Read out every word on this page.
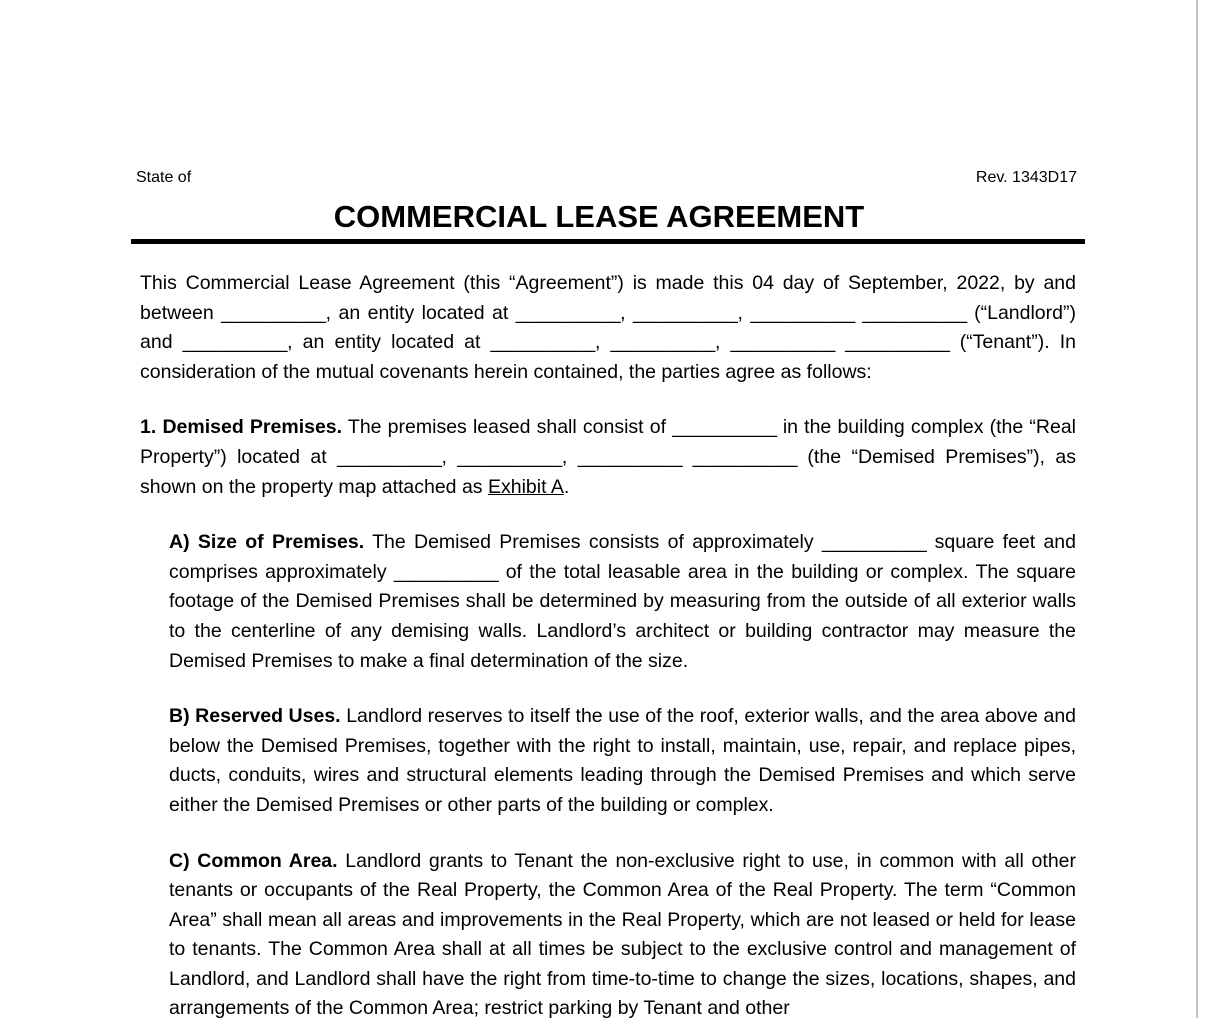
State of	Rev. 1343D17
COMMERCIAL LEASE AGREEMENT

This Commercial Lease Agreement (this “Agreement”) is made this 04 day of September, 2022, by and between __________, an entity located at __________, __________, __________ __________ (“Landlord”) and __________, an entity located at __________, __________, __________ __________ (“Tenant”). In consideration of the mutual covenants herein contained, the parties agree as follows:

1. Demised Premises. The premises leased shall consist of __________ in the building complex (the “Real Property”) located at __________, __________, __________ __________ (the “Demised Premises”), as shown on the property map attached as Exhibit A.

A) Size of Premises. The Demised Premises consists of approximately __________ square feet and comprises approximately __________ of the total leasable area in the building or complex. The square footage of the Demised Premises shall be determined by measuring from the outside of all exterior walls to the centerline of any demising walls. Landlord’s architect or building contractor may measure the Demised Premises to make a final determination of the size.

B) Reserved Uses. Landlord reserves to itself the use of the roof, exterior walls, and the area above and below the Demised Premises, together with the right to install, maintain, use, repair, and replace pipes, ducts, conduits, wires and structural elements leading through the Demised Premises and which serve either the Demised Premises or other parts of the building or complex.

C) Common Area. Landlord grants to Tenant the non-exclusive right to use, in common with all other tenants or occupants of the Real Property, the Common Area of the Real Property. The term “Common Area” shall mean all areas and improvements in the Real Property, which are not leased or held for lease to tenants. The Common Area shall at all times be subject to the exclusive control and management of Landlord, and Landlord shall have the right from time-to-time to change the sizes, locations, shapes, and arrangements of the Common Area; restrict parking by Tenant and other
